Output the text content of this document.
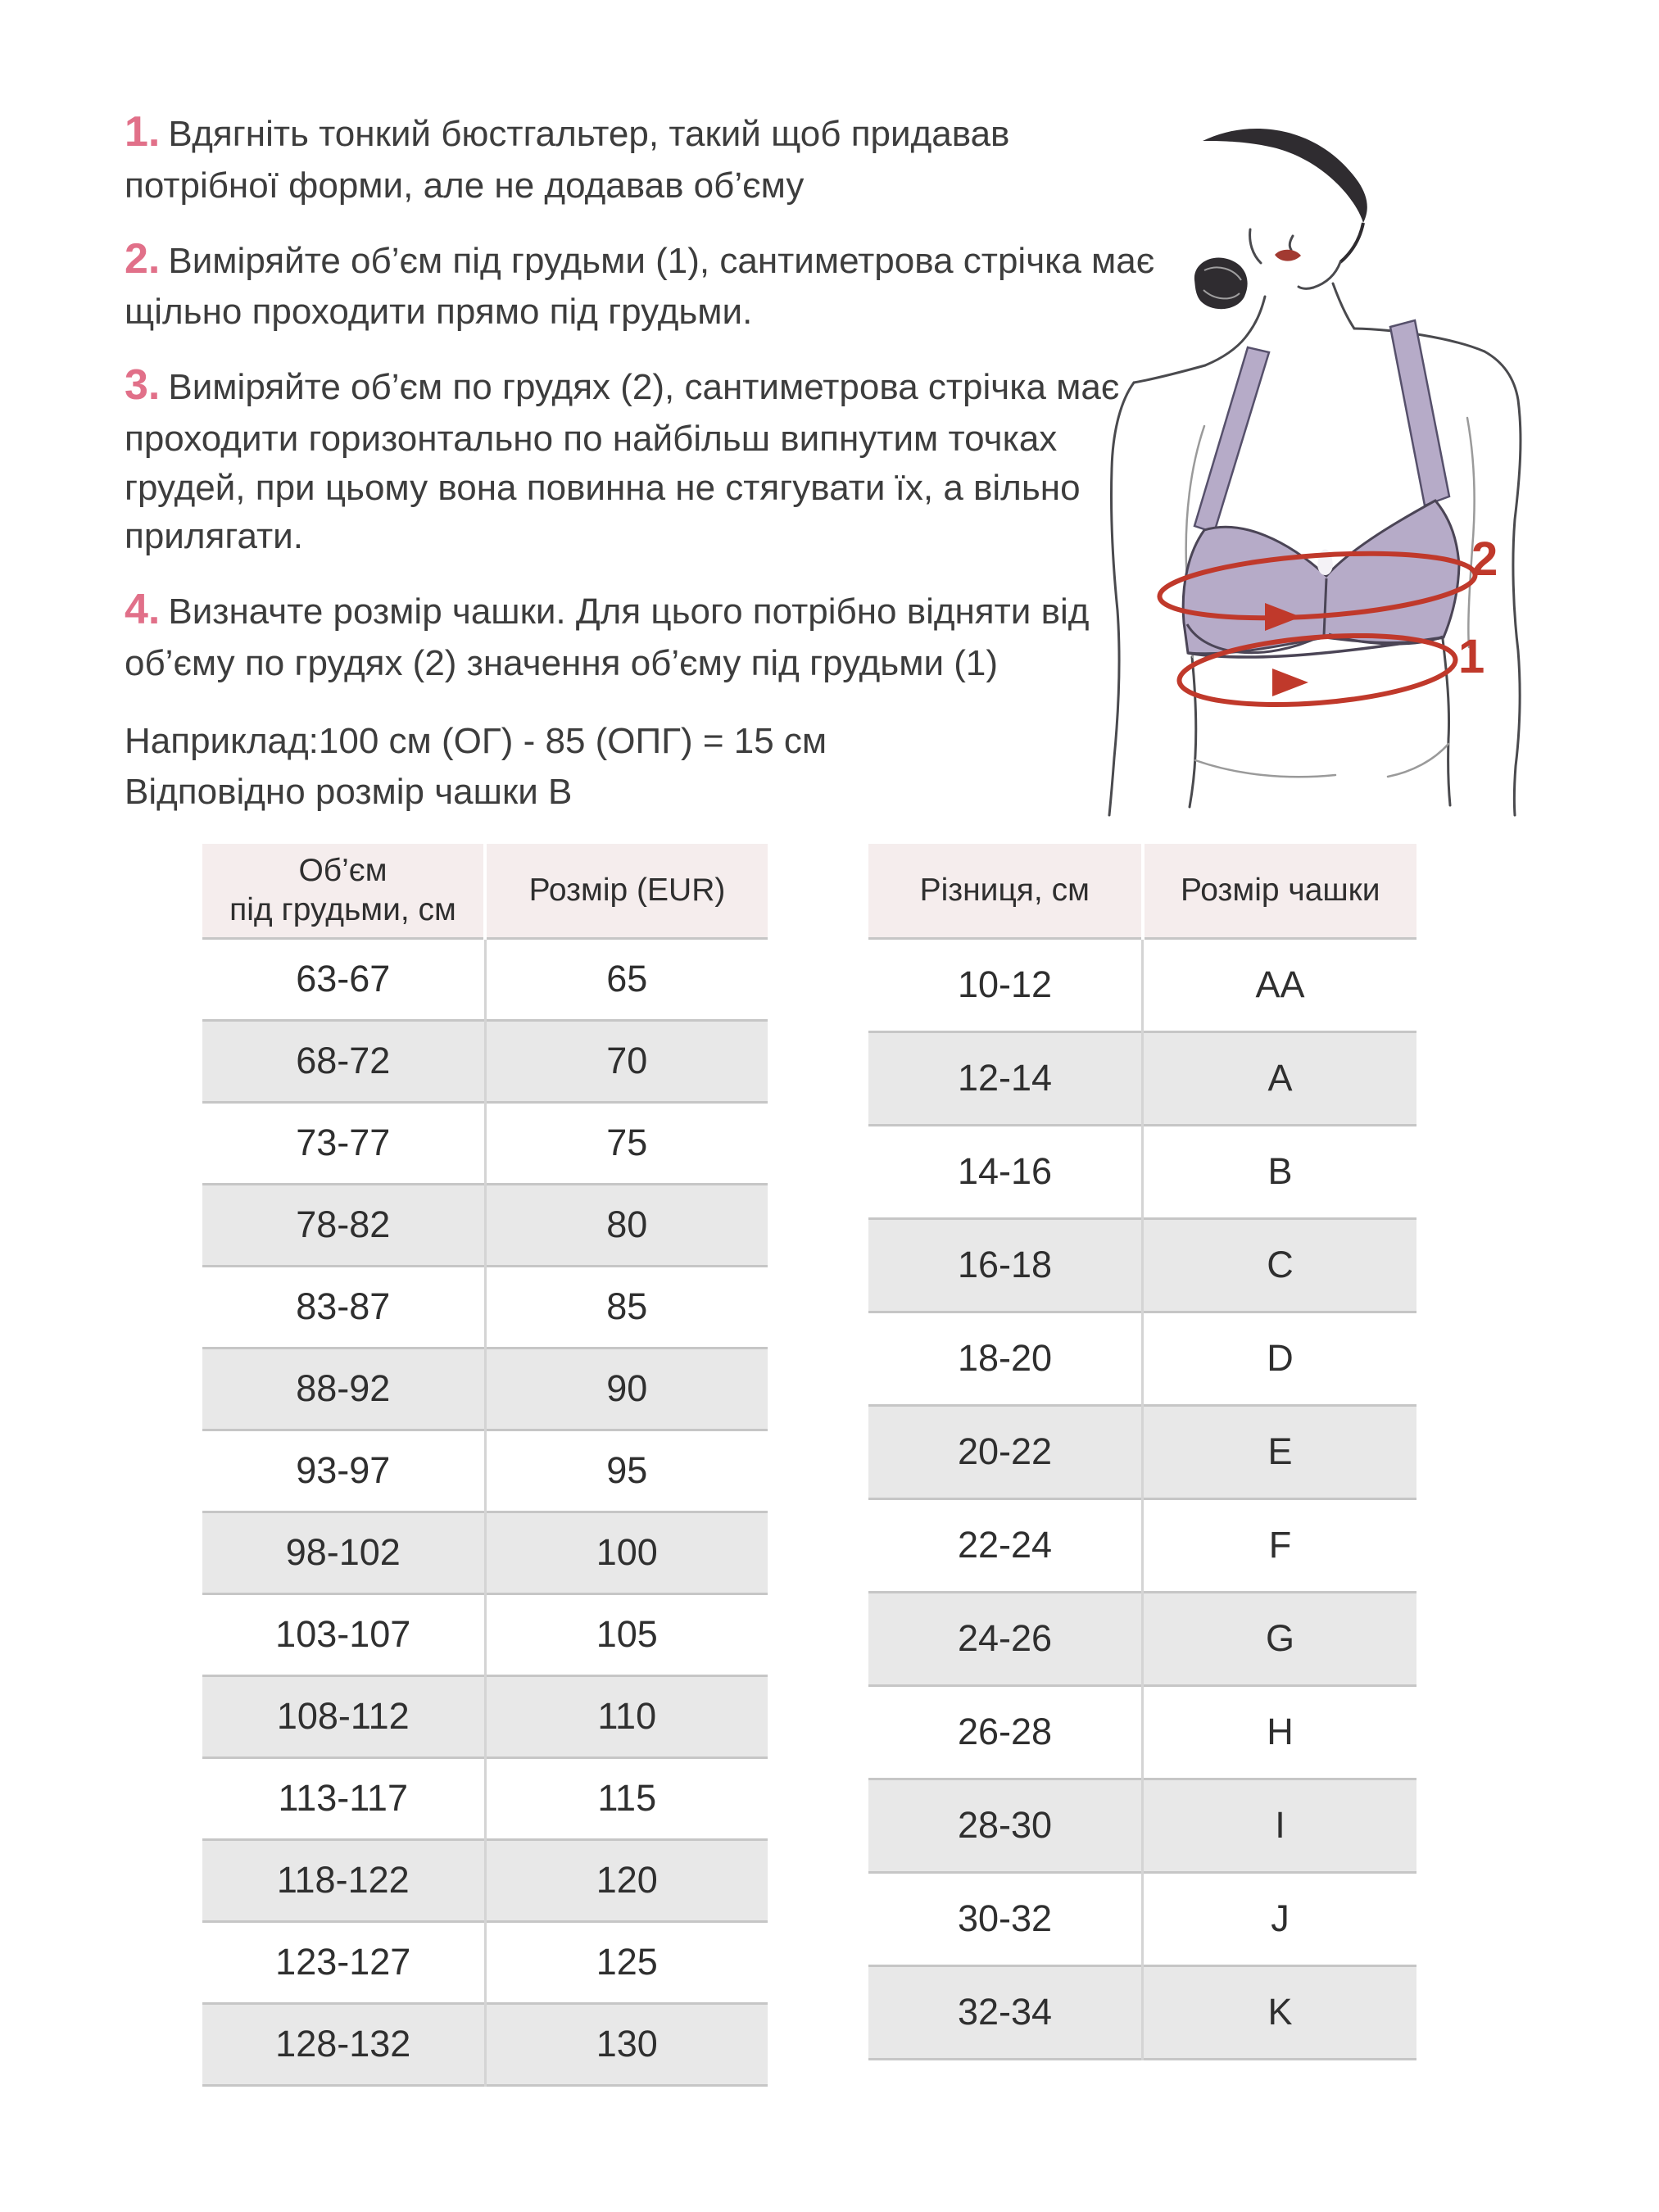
1. Вдягніть тонкий бюстгальтер, такий щоб придавав потрібної форми, але не додавав об’єму

2. Виміряйте об’єм під грудьми (1), сантиметрова стрічка має щільно проходити прямо під грудьми.

3. Виміряйте об’єм по грудях (2), сантиметрова стрічка має проходити горизонтально по найбільш випнутим точках грудей, при цьому вона повинна не стягувати їх, а вільно прилягати.

4. Визначте розмір чашки. Для цього потрібно відняти від об’єму по грудях (2) значення об’єму під грудьми (1)

Наприклад:100 см (ОГ) - 85 (ОПГ) = 15 см

Відповідно розмір чашки В

2
1
Об’єм
під грудьми, см	Розмір (EUR)
63-67	65
68-72	70
73-77	75
78-82	80
83-87	85
88-92	90
93-97	95
98-102	100
103-107	105
108-112	110
113-117	115
118-122	120
123-127	125
128-132	130
Різниця, см	Розмір чашки
10-12	AA
12-14	A
14-16	B
16-18	C
18-20	D
20-22	E
22-24	F
24-26	G
26-28	H
28-30	I
30-32	J
32-34	K
